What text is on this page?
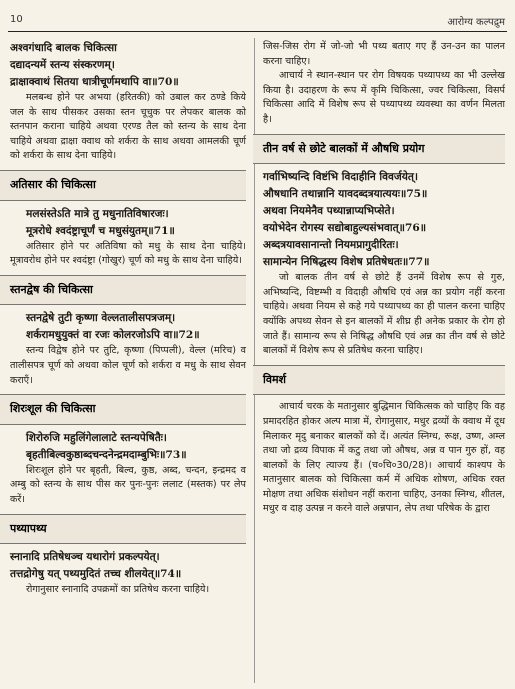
10	आरोग्य कल्पद्रुम
अश्वगंधादि बालक चिकित्सा
दद्यादन्यमें स्तन्य संस्करणम्।
द्राक्षाक्वाथं सितया धात्रीचूर्णमथापि वा॥70॥
मलबन्ध होने पर अभया (हरितकी) को उबाल कर ठण्डे किये जल के साथ पीसकर उसका स्तन चूचुक पर लेपकर बालक को स्तनपान कराना चाहिये अथवा एरण्ड तैल को स्तन्य के साथ देना चाहिये अथवा द्राक्षा क्वाथ को शर्करा के साथ अथवा आमलकी चूर्ण को शर्करा के साथ देना चाहिये।
अतिसार की चिकित्सा
मलसंस्तेऽति मात्रे तु मधुनातिविषारजः।
मूत्ररोधे श्वदंष्ट्राचूर्णं च मधुसंयुतम्॥71॥
अतिसार होने पर अतिविषा को मधु के साथ देना चाहिये। मूत्रावरोध होने पर श्वदंष्ट्रा (गोखुर) चूर्ण को मधु के साथ देना चाहिये।
स्तनद्वेष की चिकित्सा
स्तनद्वेषे तुटी कृष्णा वेल्लतालीसपत्रजम्।
शर्करामधुयुक्तं वा रजः कोलरजोऽपि वा॥72॥
स्तन्य विद्वेष होने पर तुटि, कृष्णा (पिप्पली), वेल्ल (मरिच) व तालीसपत्र चूर्ण को अथवा कोल चूर्ण को शर्करा व मधु के साथ सेवन कराएँ।
शिरःशूल की चिकित्सा
शिरोरुजि महुलिंगेलालाटे स्तन्यपेषितैः।
बृहतीबिल्वकुष्ठाब्दचन्दनेन्द्रमदाम्बुभिः॥73॥
शिरःशूल होने पर बृहती, बिल्व, कुष्ठ, अब्द, चन्दन, इन्द्रमद व अम्बु को स्तन्य के साथ पीस कर पुनः-पुनः ललाट (मस्तक) पर लेप करें।
पथ्यापथ्य
स्नानादि प्रतिषेधञ्च यथारोगं प्रकल्पयेत्।
तत्तद्रोगेषु यत् पथ्यमुदितं तच्च शीलयेत्॥74॥
रोगानुसार स्नानादि उपक्रमों का प्रतिषेध करना चाहिये।
जिस-जिस रोग में जो-जो भी पथ्य बताए गए हैं उन-उन का पालन करना चाहिए।
आचार्य ने स्थान-स्थान पर रोग विषयक पथ्यापथ्य का भी उल्लेख किया है। उदाहरण के रूप में कृमि चिकित्सा, ज्वर चिकित्सा, विसर्प चिकित्सा आदि में विशेष रूप से पथ्यापथ्य व्यवस्था का वर्णन मिलता है।
तीन वर्ष से छोटे बालकों में औषधि प्रयोग
गर्वाभिष्यन्दि विष्टंभि विदाहीनि विवर्जयेत्।
औषधानि तथान्नानि यावदब्दत्रयात्ययः॥75॥
अथवा नियमेनैव पथ्यान्नाप्यभिप्सेते।
वयोभेदेन रोगस्य सद्योबाहुल्यसंभवात्॥76॥
अब्दत्रयावसानान्तो नियमप्रागुदीरितः।
सामान्येन निषिद्धस्य विशेष प्रतिषेधतः॥77॥
जो बालक तीन वर्ष से छोटे हैं उनमें विशेष रूप से गुरु, अभिष्यन्दि, विष्टम्भी व विदाही औषधि एवं अन्न का प्रयोग नहीं करना चाहिये। अथवा नियम से कहे गये पथ्यापथ्य का ही पालन करना चाहिए क्योंकि अपथ्य सेवन से इन बालकों में शीघ्र ही अनेक प्रकार के रोग हो जाते हैं। सामान्य रूप से निषिद्ध औषधि एवं अन्न का तीन वर्ष से छोटे बालकों में विशेष रूप से प्रतिषेध करना चाहिए।
विमर्श
आचार्य चरक के मतानुसार बुद्धिमान चिकित्सक को चाहिए कि वह प्रमादरहित होकर अल्प मात्रा में, रोगानुसार, मधुर द्रव्यों के क्वाथ में दूध मिलाकर मृदु बनाकर बालकों को दें। अत्यंत स्निग्ध, रूक्ष, उष्ण, अम्ल तथा जो द्रव्य विपाक में कटु तथा जो औषध, अन्न व पान गुरु हों, वह बालकों के लिए त्याज्य हैं। (च०चि०30/28)। आचार्य काश्यप के मतानुसार बालक को चिकित्सा कर्म में अधिक शोषण, अधिक रक्त मोक्षण तथा अधिक संशोधन नहीं कराना चाहिए, उनका स्निग्ध, शीतल, मधुर व दाह उत्पन्न न करने वाले अन्नपान, लेप तथा परिषेक के द्वारा
